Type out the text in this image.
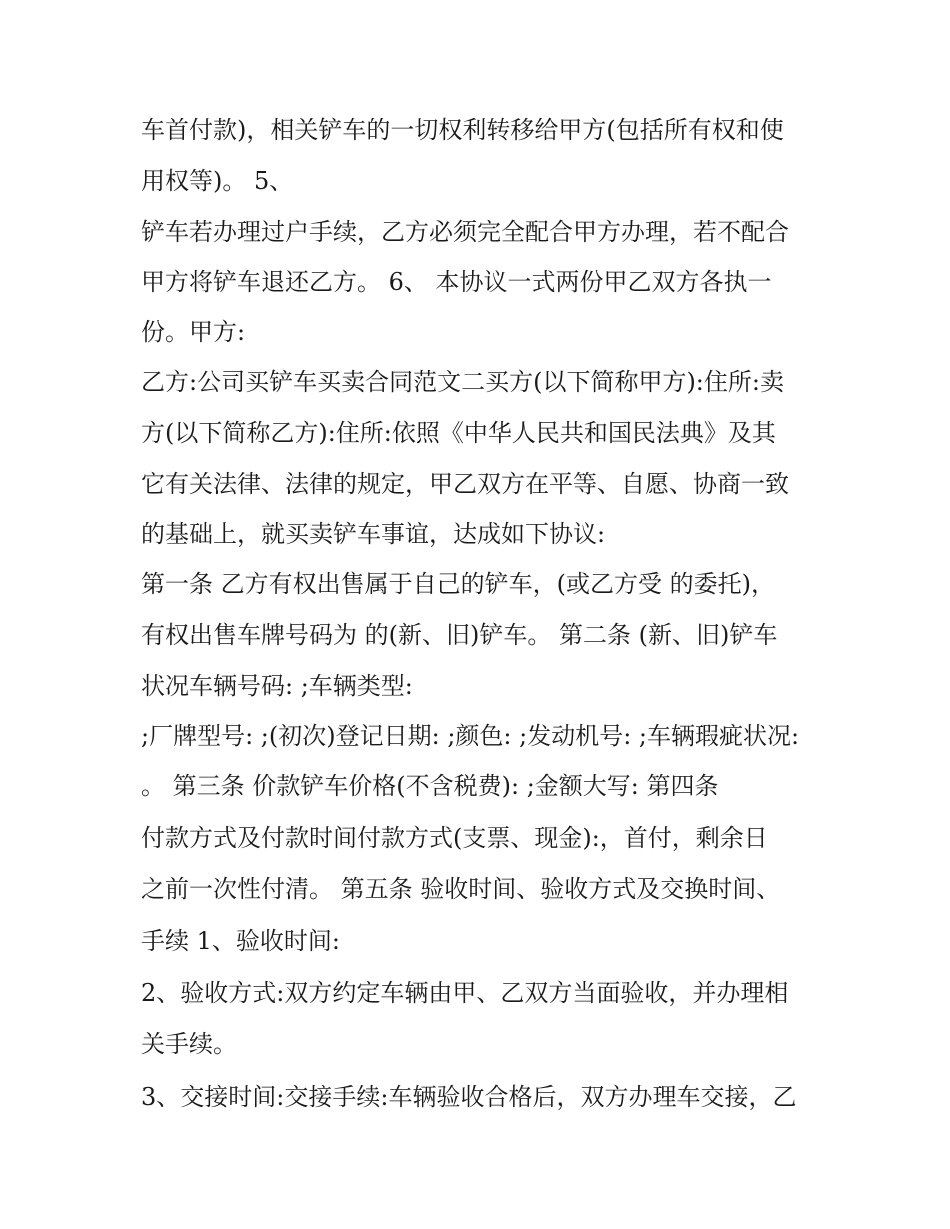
车首付款)，相关铲车的一切权利转移给甲方(包括所有权和使
用权等)。 5、
铲车若办理过户手续，乙方必须完全配合甲方办理，若不配合
甲方将铲车退还乙方。 6、 本协议一式两份甲乙双方各执一
份。甲方:
乙方:公司买铲车买卖合同范文二买方(以下简称甲方):住所:卖
方(以下简称乙方):住所:依照《中华人民共和国民法典》及其
它有关法律、法律的规定，甲乙双方在平等、自愿、协商一致
的基础上，就买卖铲车事谊，达成如下协议:
第一条 乙方有权出售属于自己的铲车，(或乙方受 的委托)，
有权出售车牌号码为 的(新、旧)铲车。 第二条 (新、旧)铲车
状况车辆号码: ;车辆类型:
;厂牌型号: ;(初次)登记日期: ;颜色: ;发动机号: ;车辆瑕疵状况:
。 第三条 价款铲车价格(不含税费): ;金额大写: 第四条
付款方式及付款时间付款方式(支票、现金):，首付，剩余日
之前一次性付清。 第五条 验收时间、验收方式及交换时间、
手续 1、验收时间:
2、验收方式:双方约定车辆由甲、乙双方当面验收，并办理相
关手续。
3、交接时间:交接手续:车辆验收合格后，双方办理车交接，乙
